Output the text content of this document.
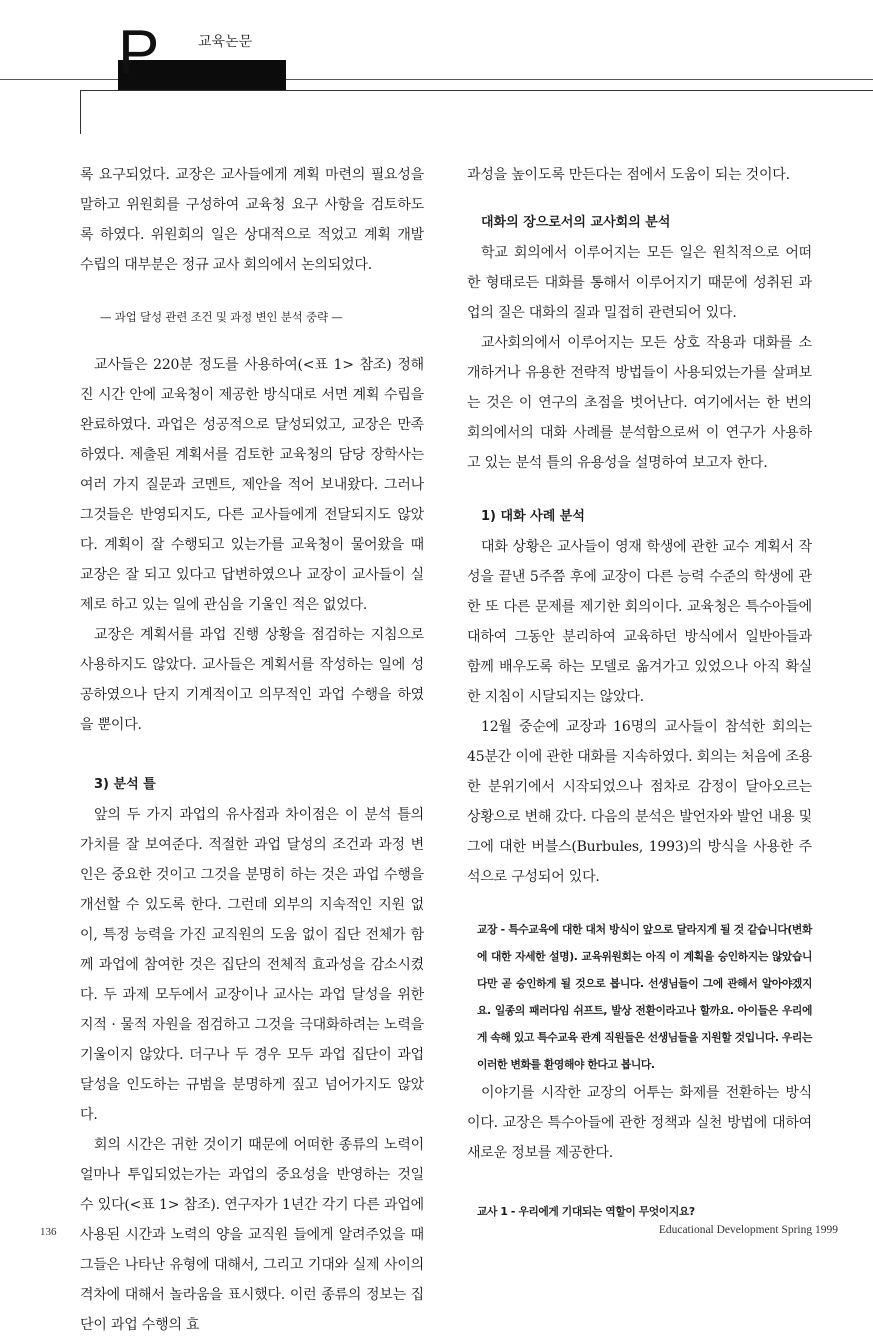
P	교육논문

록 요구되었다. 교장은 교사들에게 계획 마련의 필요성을 말하고 위원회를 구성하여 교육청 요구 사항을 검토하도록 하였다. 위원회의 일은 상대적으로 적었고 계획 개발 수립의 대부분은 정규 교사 회의에서 논의되었다.

— 과업 달성 관련 조건 및 과정 변인 분석 중략 —

교사들은 220분 정도를 사용하여(<표 1> 참조) 정해진 시간 안에 교육청이 제공한 방식대로 서면 계획 수립을 완료하였다. 과업은 성공적으로 달성되었고, 교장은 만족하였다. 제출된 계획서를 검토한 교육청의 담당 장학사는 여러 가지 질문과 코멘트, 제안을 적어 보내왔다. 그러나 그것들은 반영되지도, 다른 교사들에게 전달되지도 않았다. 계획이 잘 수행되고 있는가를 교육청이 물어왔을 때 교장은 잘 되고 있다고 답변하였으나 교장이 교사들이 실제로 하고 있는 일에 관심을 기울인 적은 없었다.

교장은 계획서를 과업 진행 상황을 점검하는 지침으로 사용하지도 않았다. 교사들은 계획서를 작성하는 일에 성공하였으나 단지 기계적이고 의무적인 과업 수행을 하였을 뿐이다.

3) 분석 틀

앞의 두 가지 과업의 유사점과 차이점은 이 분석 틀의 가치를 잘 보여준다. 적절한 과업 달성의 조건과 과정 변인은 중요한 것이고 그것을 분명히 하는 것은 과업 수행을 개선할 수 있도록 한다. 그런데 외부의 지속적인 지원 없이, 특정 능력을 가진 교직원의 도움 없이 집단 전체가 함께 과업에 참여한 것은 집단의 전체적 효과성을 감소시켰다. 두 과제 모두에서 교장이나 교사는 과업 달성을 위한 지적 · 물적 자원을 점검하고 그것을 극대화하려는 노력을 기울이지 않았다. 더구나 두 경우 모두 과업 집단이 과업 달성을 인도하는 규범을 분명하게 짚고 넘어가지도 않았다.

회의 시간은 귀한 것이기 때문에 어떠한 종류의 노력이 얼마나 투입되었는가는 과업의 중요성을 반영하는 것일 수 있다(<표 1> 참조). 연구자가 1년간 각기 다른 과업에 사용된 시간과 노력의 양을 교직원 들에게 알려주었을 때 그들은 나타난 유형에 대해서, 그리고 기대와 실제 사이의 격차에 대해서 놀라움을 표시했다. 이런 종류의 정보는 집단이 과업 수행의 효

과성을 높이도록 만든다는 점에서 도움이 되는 것이다.

대화의 장으로서의 교사회의 분석

학교 회의에서 이루어지는 모든 일은 원칙적으로 어떠한 형태로든 대화를 통해서 이루어지기 때문에 성취된 과업의 질은 대화의 질과 밀접히 관련되어 있다.

교사회의에서 이루어지는 모든 상호 작용과 대화를 소개하거나 유용한 전략적 방법들이 사용되었는가를 살펴보는 것은 이 연구의 초점을 벗어난다. 여기에서는 한 번의 회의에서의 대화 사례를 분석함으로써 이 연구가 사용하고 있는 분석 틀의 유용성을 설명하여 보고자 한다.

1) 대화 사례 분석

대화 상황은 교사들이 영재 학생에 관한 교수 계획서 작성을 끝낸 5주쯤 후에 교장이 다른 능력 수준의 학생에 관한 또 다른 문제를 제기한 회의이다. 교육청은 특수아들에 대하여 그동안 분리하여 교육하던 방식에서 일반아들과 함께 배우도록 하는 모델로 옮겨가고 있었으나 아직 확실한 지침이 시달되지는 않았다.

12월 중순에 교장과 16명의 교사들이 참석한 회의는 45분간 이에 관한 대화를 지속하였다. 회의는 처음에 조용한 분위기에서 시작되었으나 점차로 감정이 달아오르는 상황으로 변해 갔다. 다음의 분석은 발언자와 발언 내용 및 그에 대한 버블스(Burbules, 1993)의 방식을 사용한 주석으로 구성되어 있다.

교장 - 특수교육에 대한 대처 방식이 앞으로 달라지게 될 것 같습니다(변화에 대한 자세한 설명). 교육위원회는 아직 이 계획을 승인하지는 않았습니다만 곧 승인하게 될 것으로 봅니다. 선생님들이 그에 관해서 알아야겠지요. 일종의 패러다임 쉬프트, 발상 전환이라고나 할까요. 아이들은 우리에게 속해 있고 특수교육 관계 직원들은 선생님들을 지원할 것입니다. 우리는 이러한 변화를 환영해야 한다고 봅니다.

이야기를 시작한 교장의 어투는 화제를 전환하는 방식이다. 교장은 특수아들에 관한 정책과 실천 방법에 대하여 새로운 정보를 제공한다.

교사 1 - 우리에게 기대되는 역할이 무엇이지요?

136	Educational Development Spring 1999
